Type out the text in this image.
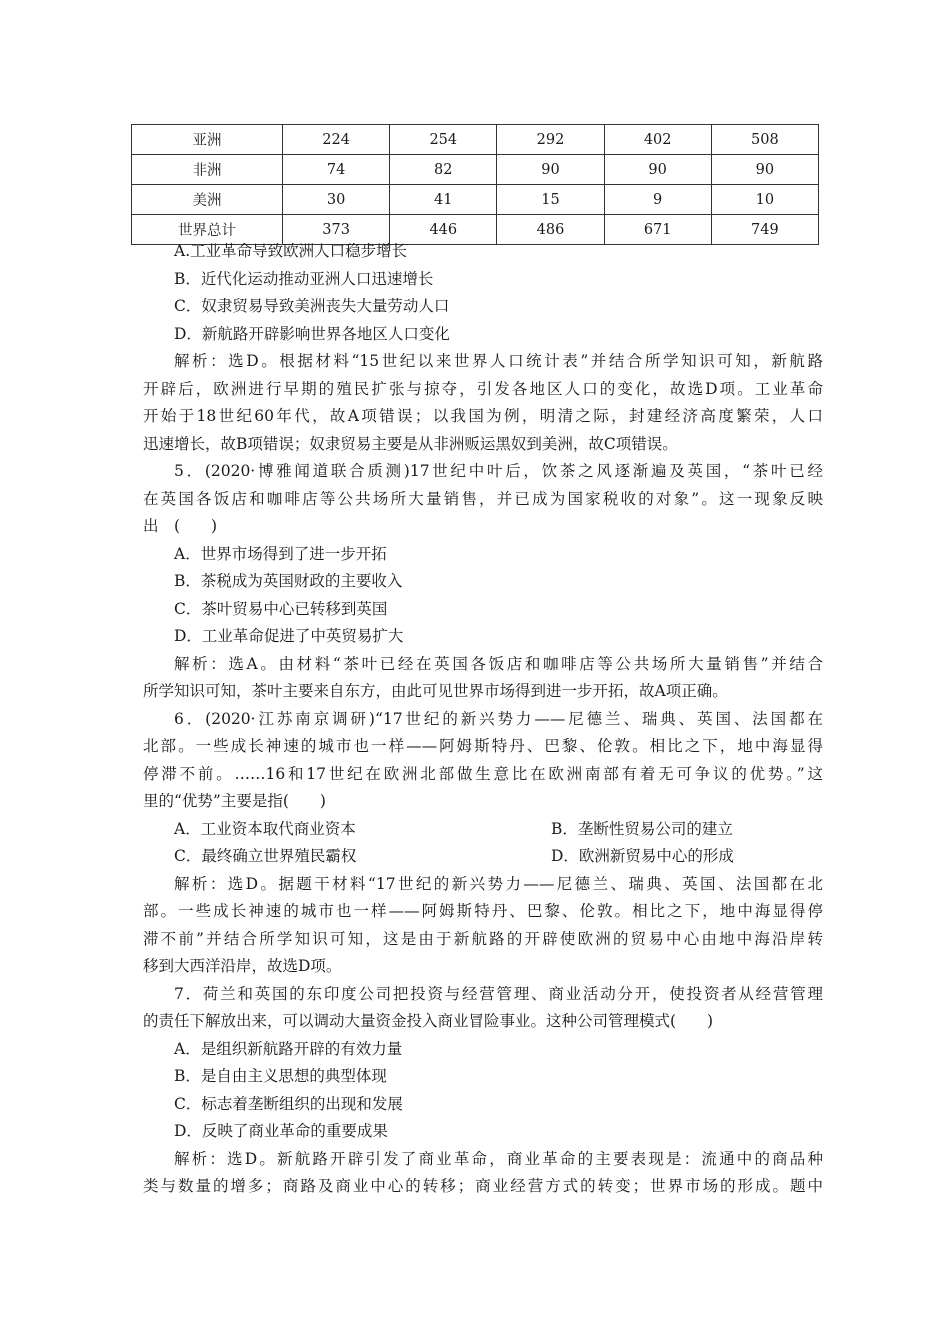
亚洲	224	254	292	402	508
非洲	74	82	90	90	90
美洲	30	41	15	9	10
世界总计	373	446	486	671	749
A.工业革命导致欧洲人口稳步增长
B．近代化运动推动亚洲人口迅速增长
C．奴隶贸易导致美洲丧失大量劳动人口
D．新航路开辟影响世界各地区人口变化
解析：选D。根据材料“15世纪以来世界人口统计表”并结合所学知识可知，新航路
开辟后，欧洲进行早期的殖民扩张与掠夺，引发各地区人口的变化，故选D项。工业革命
开始于18世纪60年代，故A项错误；以我国为例，明清之际，封建经济高度繁荣，人口
迅速增长，故B项错误；奴隶贸易主要是从非洲贩运黑奴到美洲，故C项错误。
5．(2020·博雅闻道联合质测)17世纪中叶后，饮茶之风逐渐遍及英国，“茶叶已经
在英国各饭店和咖啡店等公共场所大量销售，并已成为国家税收的对象”。这一现象反映
出　(　　)
A．世界市场得到了进一步开拓
B．茶税成为英国财政的主要收入
C．茶叶贸易中心已转移到英国
D．工业革命促进了中英贸易扩大
解析：选A。由材料“茶叶已经在英国各饭店和咖啡店等公共场所大量销售”并结合
所学知识可知，茶叶主要来自东方，由此可见世界市场得到进一步开拓，故A项正确。
6．(2020·江苏南京调研)“17世纪的新兴势力——尼德兰、瑞典、英国、法国都在
北部。一些成长神速的城市也一样——阿姆斯特丹、巴黎、伦敦。相比之下，地中海显得
停滞不前。……16和17世纪在欧洲北部做生意比在欧洲南部有着无可争议的优势。”这
里的“优势”主要是指(　　)
A．工业资本取代商业资本	B．垄断性贸易公司的建立
C．最终确立世界殖民霸权	D．欧洲新贸易中心的形成
解析：选D。据题干材料“17世纪的新兴势力——尼德兰、瑞典、英国、法国都在北
部。一些成长神速的城市也一样——阿姆斯特丹、巴黎、伦敦。相比之下，地中海显得停
滞不前”并结合所学知识可知，这是由于新航路的开辟使欧洲的贸易中心由地中海沿岸转
移到大西洋沿岸，故选D项。
7．荷兰和英国的东印度公司把投资与经营管理、商业活动分开，使投资者从经营管理
的责任下解放出来，可以调动大量资金投入商业冒险事业。这种公司管理模式(　　)
A．是组织新航路开辟的有效力量
B．是自由主义思想的典型体现
C．标志着垄断组织的出现和发展
D．反映了商业革命的重要成果
解析：选D。新航路开辟引发了商业革命，商业革命的主要表现是：流通中的商品种
类与数量的增多；商路及商业中心的转移；商业经营方式的转变；世界市场的形成。题中
